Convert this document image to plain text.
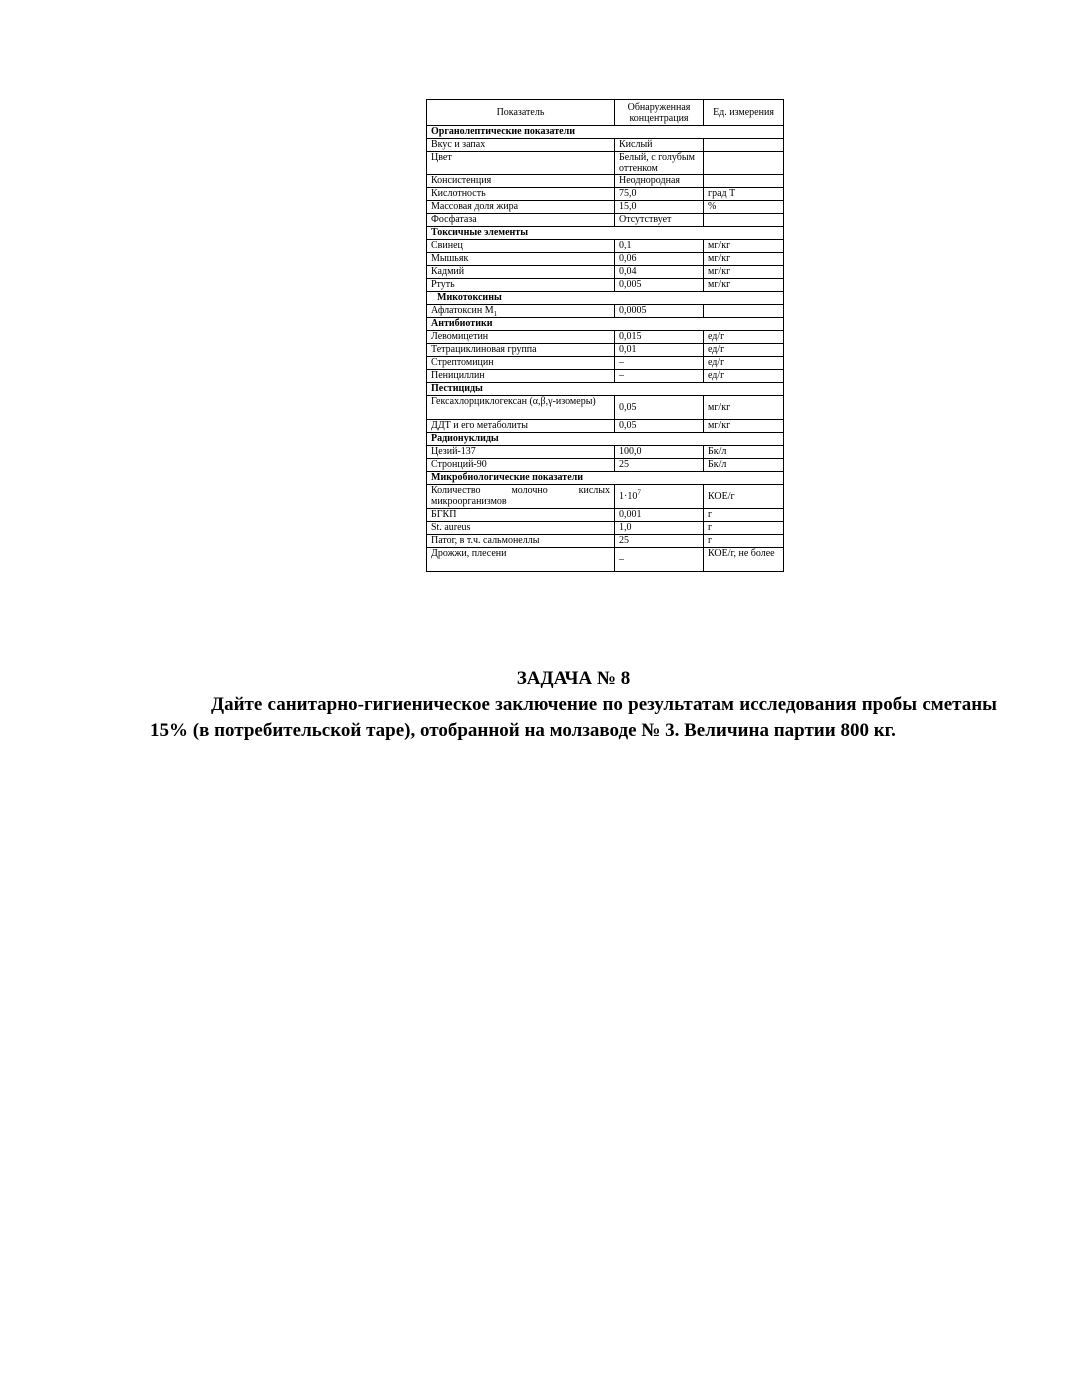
Показатель	Обнаруженная концентрация	Ед. измерения
Органолептические показатели		
Вкус и запах	Кислый	
Цвет	Белый, с голубым оттенком	
Консистенция	Неоднородная	
Кислотность	75,0	град Т
Массовая доля жира	15,0	%
Фосфатаза	Отсутствует	
Токсичные элементы		
Свинец	0,1	мг/кг
Мышьяк	0,06	мг/кг
Кадмий	0,04	мг/кг
Ртуть	0,005	мг/кг
Микотоксины		
Афлатоксин $M_1$	0,0005	
Антибиотики		
Левомицетин	0,015	ед/г
Тетрациклиновая группа	0,01	ед/г
Стрептомицин	–	ед/г
Пенициллин	–	ед/г
Пестициды		
Гексахлорциклогексан (α,β,γ-изомеры)	0,05	мг/кг
ДДТ и его метаболиты	0,05	мг/кг
Радионуклиды		
Цезий-137	100,0	Бк/л
Стронций-90	25	Бк/л
Микробиологические показатели		
Количество молочно кислых микроорганизмов	$1\cdot 10^7$	КОЕ/г
БГКП	0,001	г
St. aureus	1,0	г
Патог, в т.ч. сальмонеллы	25	г
Дрожжи, плесени	–	КОЕ/г, не более
ЗАДАЧА № 8

Дайте санитарно-гигиеническое заключение по результатам исследования пробы сметаны 15% (в потребительской таре), отобранной на молзаводе № 3. Величина партии 800 кг.
